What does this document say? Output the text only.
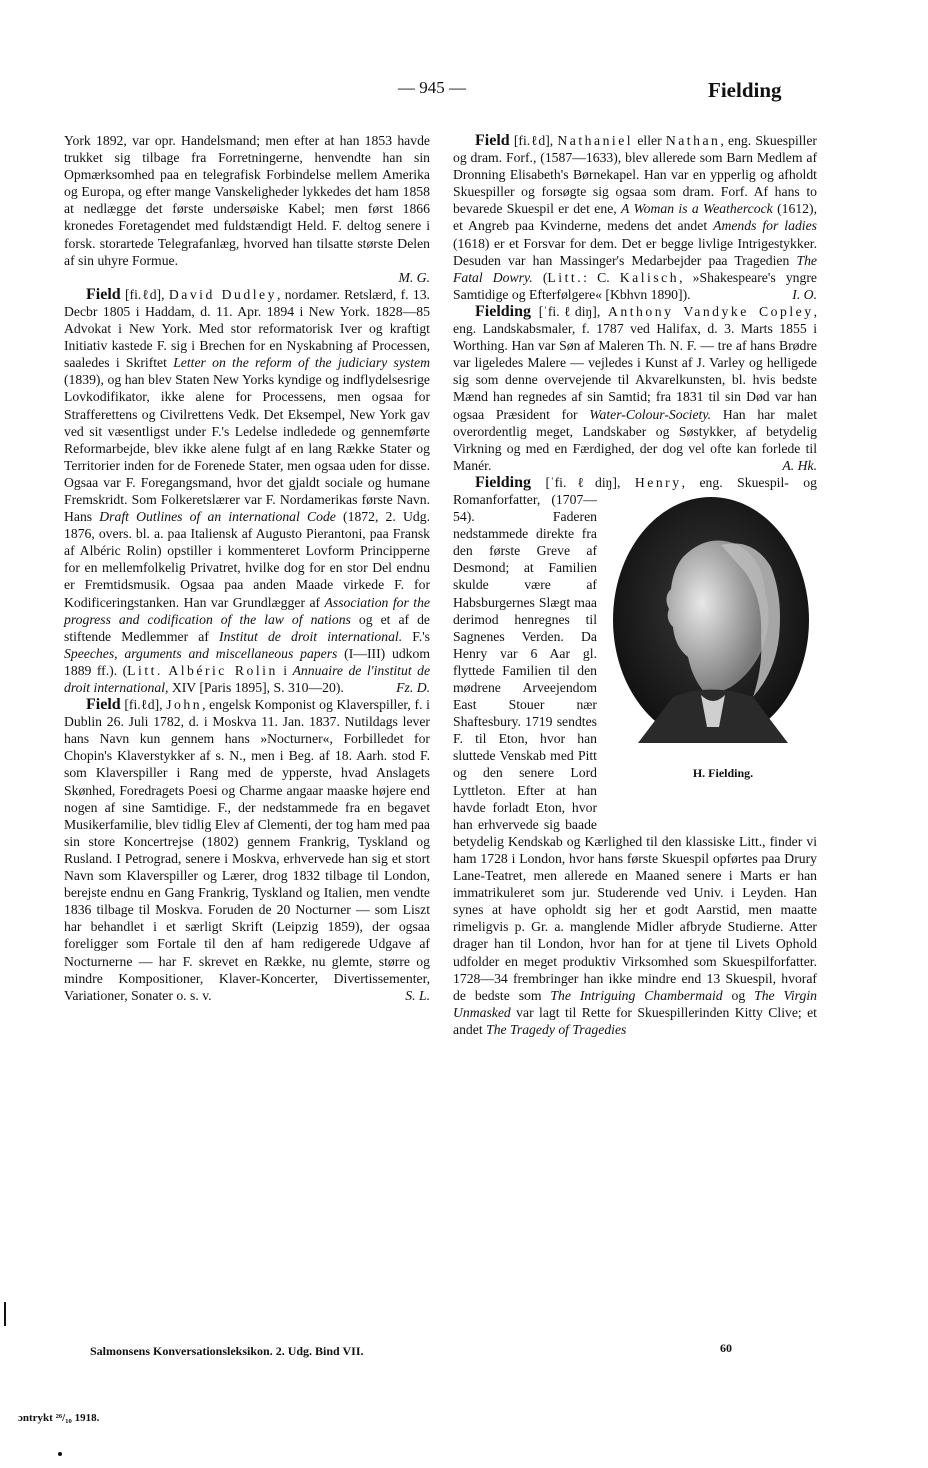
— 945 —	Fielding

York 1892, var opr. Handelsmand; men efter at han 1853 havde trukket sig tilbage fra Forretningerne, henvendte han sin Opmærksomhed paa en telegrafisk Forbindelse mellem Amerika og Europa, og efter mange Vanskeligheder lykkedes det ham 1858 at nedlægge det første undersøiske Kabel; men først 1866 kronedes Foretagendet med fuldstændigt Held. F. deltog senere i forsk. storartede Telegrafanlæg, hvorved han tilsatte største Delen af sin uhyre Formue.
M. G.

Field [fi.ℓd], David Dudley, nordamer. Retslærd, f. 13. Decbr 1805 i Haddam, d. 11. Apr. 1894 i New York. 1828—85 Advokat i New York. Med stor reformatorisk Iver og kraftigt Initiativ kastede F. sig i Brechen for en Nyskabning af Processen, saaledes i Skriftet Letter on the reform of the judiciary system (1839), og han blev Staten New Yorks kyndige og indflydelsesrige Lovkodifikator, ikke alene for Processens, men ogsaa for Strafferettens og Civilrettens Vedk. Det Eksempel, New York gav ved sit væsentligst under F.'s Ledelse indledede og gennemførte Reformarbejde, blev ikke alene fulgt af en lang Række Stater og Territorier inden for de Forenede Stater, men ogsaa uden for disse. Ogsaa var F. Foregangsmand, hvor det gjaldt sociale og humane Fremskridt. Som Folkeretslærer var F. Nordamerikas første Navn. Hans Draft Outlines of an international Code (1872, 2. Udg. 1876, overs. bl. a. paa Italiensk af Augusto Pierantoni, paa Fransk af Albéric Rolin) opstiller i kommenteret Lovform Principperne for en mellemfolkelig Privatret, hvilke dog for en stor Del endnu er Fremtidsmusik. Ogsaa paa anden Maade virkede F. for Kodificeringstanken. Han var Grundlægger af Association for the progress and codification of the law of nations og et af de stiftende Medlemmer af Institut de droit international. F.'s Speeches, arguments and miscellaneous papers (I—III) udkom 1889 ff.). (Litt. Albéric Rolin i Annuaire de l'institut de droit international, XIV [Paris 1895], S. 310—20).	Fz. D.

Field [fi.ℓd], John, engelsk Komponist og Klaverspiller, f. i Dublin 26. Juli 1782, d. i Moskva 11. Jan. 1837. Nutildags lever hans Navn kun gennem hans »Nocturner«, Forbilledet for Chopin's Klaverstykker af s. N., men i Beg. af 18. Aarh. stod F. som Klaverspiller i Rang med de ypperste, hvad Anslagets Skønhed, Foredragets Poesi og Charme angaar maaske højere end nogen af sine Samtidige. F., der nedstammede fra en begavet Musikerfamilie, blev tidlig Elev af Clementi, der tog ham med paa sin store Koncertrejse (1802) gennem Frankrig, Tyskland og Rusland. I Petrograd, senere i Moskva, erhvervede han sig et stort Navn som Klaverspiller og Lærer, drog 1832 tilbage til London, berejste endnu en Gang Frankrig, Tyskland og Italien, men vendte 1836 tilbage til Moskva. Foruden de 20 Nocturner — som Liszt har behandlet i et særligt Skrift (Leipzig 1859), der ogsaa foreligger som Fortale til den af ham redigerede Udgave af Nocturnerne — har F. skrevet en Række, nu glemte, større og mindre Kompositioner, Klaver-Koncerter, Divertissementer, Variationer, Sonater o. s. v.	S. L.

Field [fi.ℓd], Nathaniel eller Nathan, eng. Skuespiller og dram. Forf., (1587—1633), blev allerede som Barn Medlem af Dronning Elisabeth's Børnekapel. Han var en ypperlig og afholdt Skuespiller og forsøgte sig ogsaa som dram. Forf. Af hans to bevarede Skuespil er det ene, A Woman is a Weathercock (1612), et Angreb paa Kvinderne, medens det andet Amends for ladies (1618) er et Forsvar for dem. Det er begge livlige Intrigestykker. Desuden var han Massinger's Medarbejder paa Tragedien The Fatal Dowry. (Litt.: C. Kalisch, »Shakespeare's yngre Samtidige og Efterfølgere« [Kbhvn 1890]).	I. O.

Fielding [ˈfi.ℓdiŋ], Anthony Vandyke Copley, eng. Landskabsmaler, f. 1787 ved Halifax, d. 3. Marts 1855 i Worthing. Han var Søn af Maleren Th. N. F. — tre af hans Brødre var ligeledes Malere — vejledes i Kunst af J. Varley og helligede sig som denne overvejende til Akvarelkunsten, bl. hvis bedste Mænd han regnedes af sin Samtid; fra 1831 til sin Død var han ogsaa Præsident for Water-Colour-Society. Han har malet overordentlig meget, Landskaber og Søstykker, af betydelig Virkning og med en Færdighed, der dog vel ofte kan forlede til Manér.	A. Hk.

Fielding [ˈfi.ℓdiŋ], Henry
H. Fielding.
, eng. Skuespil- og Romanforfatter, (1707—54). Faderen nedstammede direkte fra den første Greve af Desmond; at Familien skulde være af Habsburgernes Slægt maa derimod henregnes til Sagnenes Verden. Da Henry var 6 Aar gl. flyttede Familien til den mødrene Arveejendom East Stouer nær Shaftesbury. 1719 sendtes F. til Eton, hvor han sluttede Venskab med Pitt og den senere Lord Lyttleton. Efter at han havde forladt Eton, hvor han erhvervede sig baade betydelig Kendskab og Kærlighed til den klassiske Litt., finder vi ham 1728 i London, hvor hans første Skuespil opførtes paa Drury Lane-Teatret, men allerede en Maaned senere i Marts er han immatrikuleret som jur. Studerende ved Univ. i Leyden. Han synes at have opholdt sig her et godt Aarstid, men maatte rimeligvis p. Gr. a. manglende Midler afbryde Studierne. Atter drager han til London, hvor han for at tjene til Livets Ophold udfolder en meget produktiv Virksomhed som Skuespilforfatter. 1728—34 frembringer han ikke mindre end 13 Skuespil, hvoraf de bedste som The Intriguing Chambermaid og The Virgin Unmasked var lagt til Rette for Skuespillerinden Kitty Clive; et andet The Tragedy of Tragedies

Salmonsens Konversationsleksikon. 2. Udg. Bind VII.	60
ɔntrykt ²⁶/₁₀ 1918.
